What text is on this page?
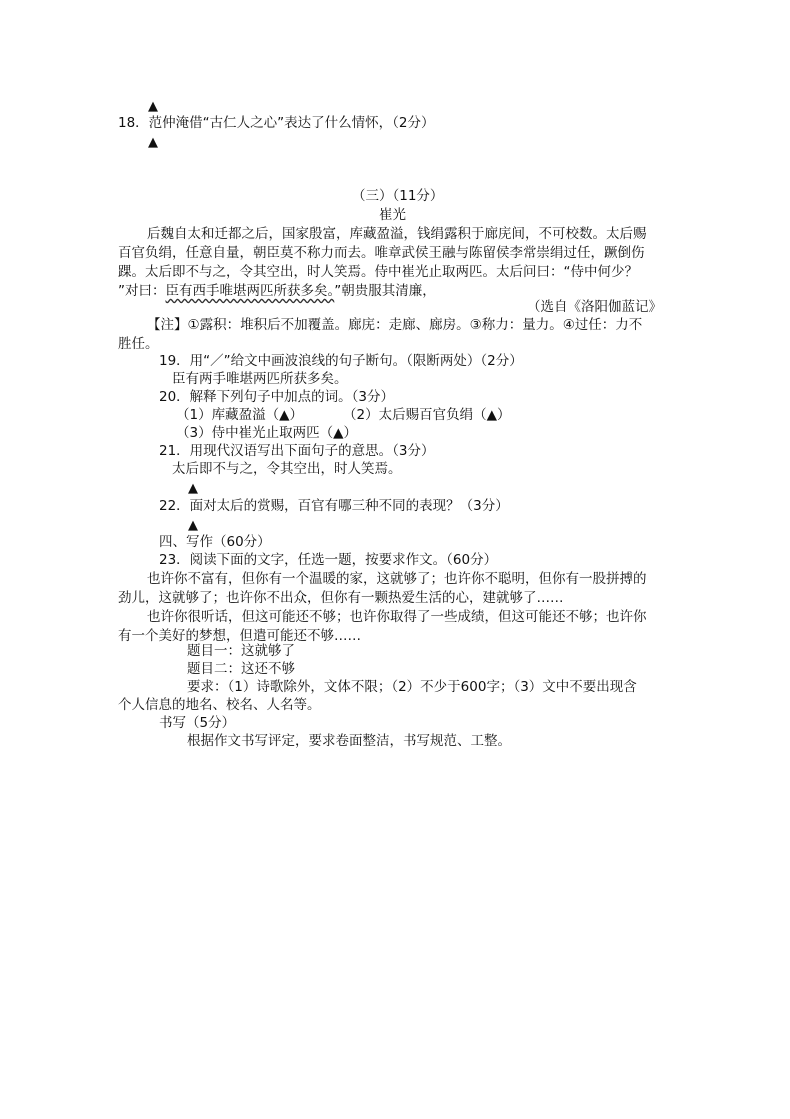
▲
18．范仲淹借“古仁人之心”表达了什么情怀，（2分）
▲
（三）（11分）
崔光
后魏自太和迁都之后，国家殷富，库藏盈溢，钱绢露积于廊庑间，不可校数。太后赐
百官负绢，任意自量，朝臣莫不称力而去。唯章武侯王融与陈留侯李常崇绢过任，蹶倒伤
踝。太后即不与之，令其空出，时人笑焉。侍中崔光止取两匹。太后问曰：“侍中何少？
”对曰：臣有西手唯堪两匹所获多矣。”朝贵服其清廉，
（选自《洛阳伽蓝记》
【注】①露积：堆积后不加覆盖。廊庑：走廊、廊房。③称力：量力。④过任：力不
胜任。
19．用“／”给文中画波浪线的句子断句。（限断两处）（2分）
臣有两手唯堪两匹所获多矣。
20．解释下列句子中加点的词。（3分）
（1）库藏盈溢（▲）	（2）太后赐百官负绢（▲）
（3）侍中崔光止取两匹（▲）
21．用现代汉语写出下面句子的意思。（3分）
太后即不与之，令其空出，时人笑焉。
▲
22．面对太后的赏赐，百官有哪三种不同的表现？（3分）
▲
四、写作（60分）
23．阅读下面的文字，任选一题，按要求作文。（60分）
也许你不富有，但你有一个温暖的家，这就够了；也许你不聪明，但你有一股拼搏的
劲儿，这就够了；也许你不出众，但你有一颗热爱生活的心，建就够了……
也许你很听话，但这可能还不够；也许你取得了一些成绩，但这可能还不够；也许你
有一个美好的梦想，但遣可能还不够……
题目一：这就够了
题目二：这还不够
要求：（1）诗歌除外，文体不限；（2）不少于600字；（3）文中不要出现含
个人信息的地名、校名、人名等。
书写（5分）
根据作文书写评定，要求卷面整洁，书写规范、工整。
